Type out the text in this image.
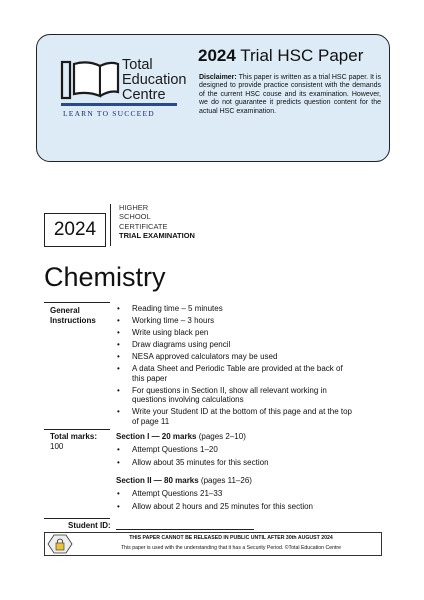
Total
Education
Centre
LEARN TO SUCCEED
2024 Trial HSC Paper
Disclaimer: This paper is written as a trial HSC paper. It is designed to provide practice consistent with the demands of the current HSC couse and its examination. However, we do not guarantee it predicts question content for the actual HSC examination.
2024
HIGHER
SCHOOL
CERTIFICATE
TRIAL EXAMINATION
Chemistry
General
Instructions
• Reading time – 5 minutes
• Working time – 3 hours
• Write using black pen
• Draw diagrams using pencil
• NESA approved calculators may be used
• A data Sheet and Periodic Table are provided at the back of this paper
• For questions in Section II, show all relevant working in questions involving calculations
• Write your Student ID at the bottom of this page and at the top of page 11
Total marks:
100
Section I — 20 marks (pages 2–10)
• Attempt Questions 1–20
• Allow about 35 minutes for this section
Section II — 80 marks (pages 11–26)
• Attempt Questions 21–33
• Allow about 2 hours and 25 minutes for this section
Student ID:
THIS PAPER CANNOT BE RELEASED IN PUBLIC UNTIL AFTER 30th AUGUST 2024
This paper is used with the understanding that it has a Security Period. ©Total Education Centre
